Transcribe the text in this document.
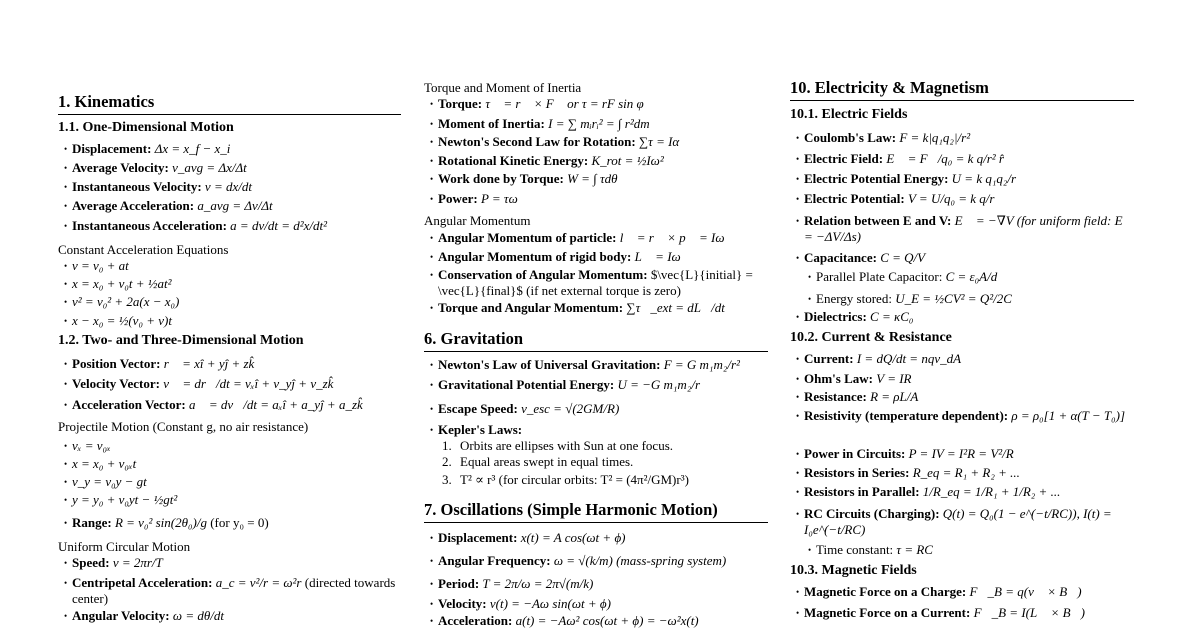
1. Kinematics
1.1. One-Dimensional Motion
• Displacement: Δx = x_f − x_i
• Average Velocity: v_avg = Δx/Δt
• Instantaneous Velocity: v = dx/dt
• Average Acceleration: a_avg = Δv/Δt
• Instantaneous Acceleration: a = dv/dt = d²x/dt²
Constant Acceleration Equations
• v = v₀ + at
• x = x₀ + v₀t + ½at²
• v² = v₀² + 2a(x − x₀)
• x − x₀ = ½(v₀ + v)t
1.2. Two- and Three-Dimensional Motion
• Position Vector: r⃗ = xî + yĵ + zk̂
• Velocity Vector: v⃗ = dr⃗/dt = vₓî + v_yĵ + v_zk̂
• Acceleration Vector: a⃗ = dv⃗/dt = aₓî + a_yĵ + a_zk̂
Projectile Motion (Constant g, no air resistance)
• vₓ = v₀ₓ
• x = x₀ + v₀ₓt
• v_y = v₀y − gt
• y = y₀ + v₀yt − ½gt²
• Range: R = v₀² sin(2θ₀)/g (for y₀ = 0)
Uniform Circular Motion
• Speed: v = 2πr/T
• Centripetal Acceleration: a_c = v²/r = ω²r (directed towards center)
• Angular Velocity: ω = dθ/dt
Torque and Moment of Inertia
• Torque: τ⃗ = r⃗ × F⃗ or τ = rF sin φ
• Moment of Inertia: I = ∑ mᵢrᵢ² = ∫ r²dm
• Newton's Second Law for Rotation: ∑τ = Iα
• Rotational Kinetic Energy: K_rot = ½Iω²
• Work done by Torque: W = ∫ τdθ
• Power: P = τω
Angular Momentum
• Angular Momentum of particle: l⃗ = r⃗ × p⃗ = Iω⃗
• Angular Momentum of rigid body: L⃗ = Iω⃗
• Conservation of Angular Momentum: $\vec{L}{initial} = \vec{L}{final}$ (if net external torque is zero)
• Torque and Angular Momentum: ∑τ⃗_ext = dL⃗/dt
6. Gravitation
• Newton's Law of Universal Gravitation: F = G m₁m₂/r²
• Gravitational Potential Energy: U = −G m₁m₂/r
• Escape Speed: v_esc = √(2GM/R)
• Kepler's Laws:
1. Orbits are ellipses with Sun at one focus.
2. Equal areas swept in equal times.
3. T² ∝ r³ (for circular orbits: T² = (4π²/GM)r³)
7. Oscillations (Simple Harmonic Motion)
• Displacement: x(t) = A cos(ωt + ϕ)
• Angular Frequency: ω = √(k/m) (mass-spring system)
• Period: T = 2π/ω = 2π√(m/k)
• Velocity: v(t) = −Aω sin(ωt + ϕ)
• Acceleration: a(t) = −Aω² cos(ωt + ϕ) = −ω²x(t)
10. Electricity & Magnetism
10.1. Electric Fields
• Coulomb's Law: F = k|q₁q₂|/r²
• Electric Field: E⃗ = F⃗/q₀ = k q/r² r̂
• Electric Potential Energy: U = k q₁q₂/r
• Electric Potential: V = U/q₀ = k q/r
• Relation between E and V: E⃗ = −∇V (for uniform field: E = −ΔV/Δs)
• Capacitance: C = Q/V
• Parallel Plate Capacitor: C = ε₀A/d
• Energy stored: U_E = ½CV² = Q²/2C
• Dielectrics: C = κC₀
10.2. Current & Resistance
• Current: I = dQ/dt = nqv_dA
• Ohm's Law: V = IR
• Resistance: R = ρL/A
• Resistivity (temperature dependent): ρ = ρ₀[1 + α(T − T₀)]
• Power in Circuits: P = IV = I²R = V²/R
• Resistors in Series: R_eq = R₁ + R₂ + ...
• Resistors in Parallel: 1/R_eq = 1/R₁ + 1/R₂ + ...
• RC Circuits (Charging): Q(t) = Q₀(1 − e^(−t/RC)), I(t) = I₀e^(−t/RC)
• Time constant: τ = RC
10.3. Magnetic Fields
• Magnetic Force on a Charge: F⃗_B = q(v⃗ × B⃗)
• Magnetic Force on a Current: F⃗_B = I(L⃗ × B⃗)
